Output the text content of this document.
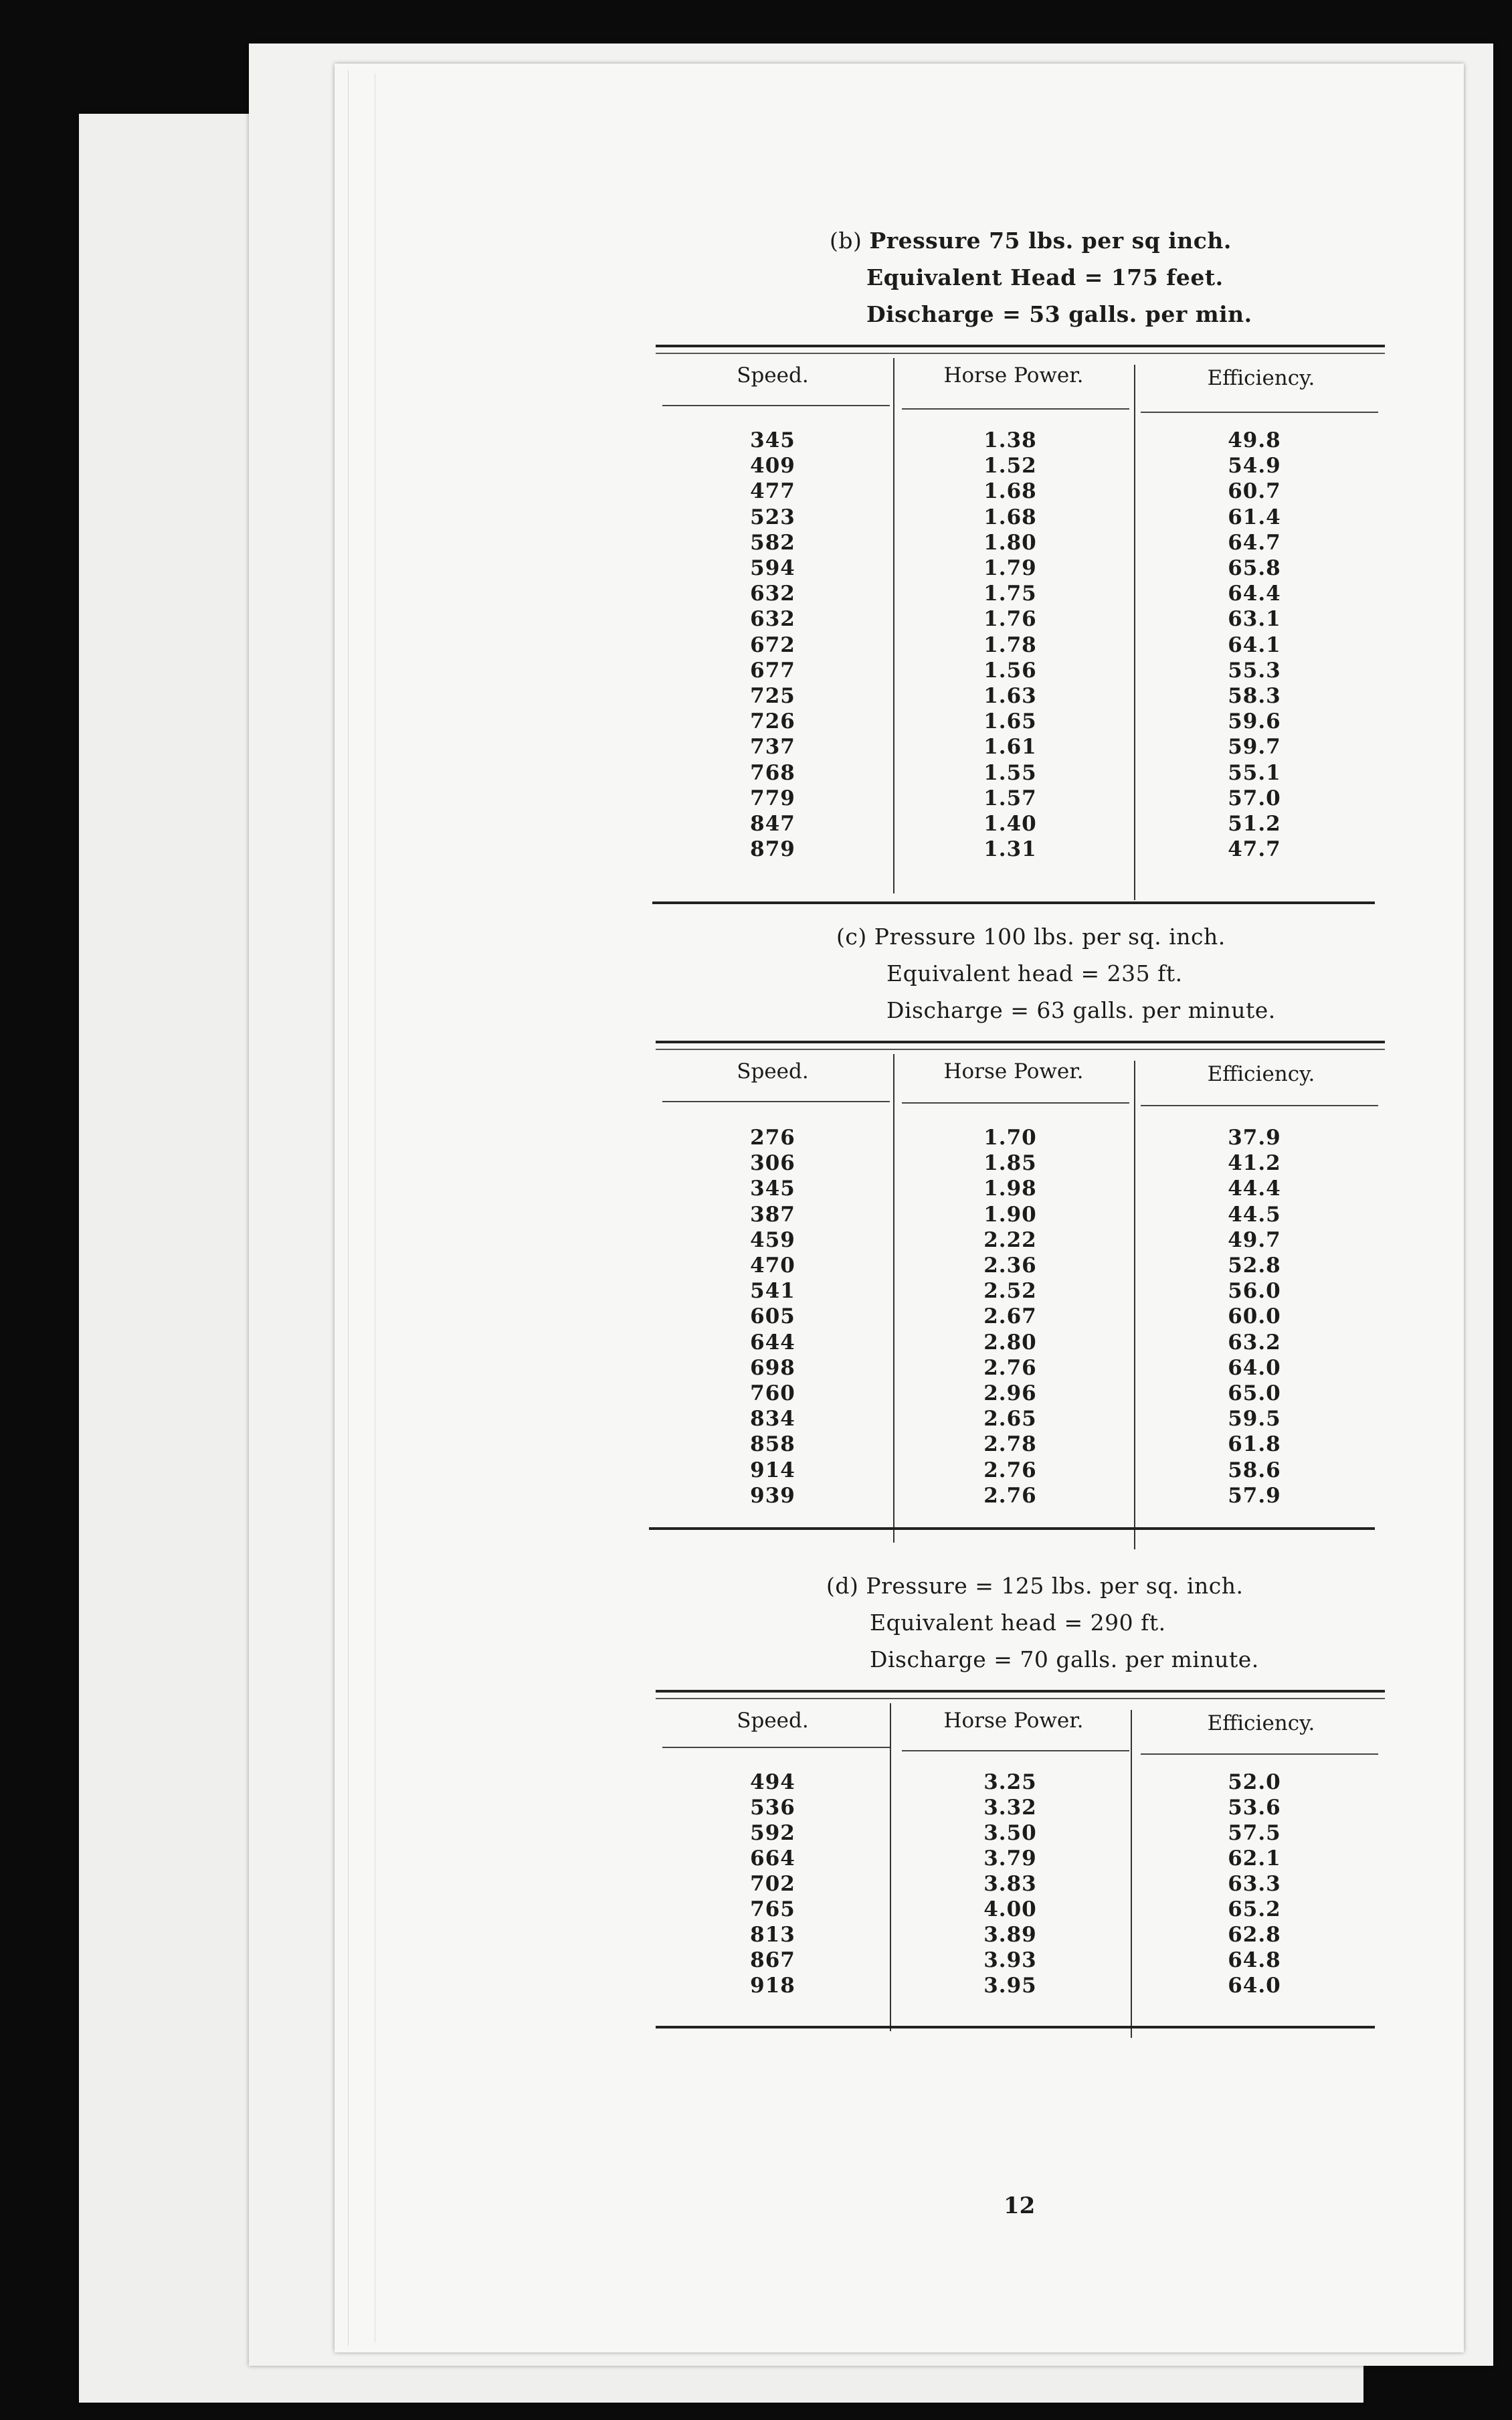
(b) Pressure 75 lbs. per sq inch.
Equivalent Head = 175 feet.
Discharge = 53 galls. per min.
Speed.	Horse Power.	Efficiency.
345	1.38	49.8
409	1.52	54.9
477	1.68	60.7
523	1.68	61.4
582	1.80	64.7
594	1.79	65.8
632	1.75	64.4
632	1.76	63.1
672	1.78	64.1
677	1.56	55.3
725	1.63	58.3
726	1.65	59.6
737	1.61	59.7
768	1.55	55.1
779	1.57	57.0
847	1.40	51.2
879	1.31	47.7
(c) Pressure 100 lbs. per sq. inch.
Equivalent head = 235 ft.
Discharge = 63 galls. per minute.
Speed.	Horse Power.	Efficiency.
276	1.70	37.9
306	1.85	41.2
345	1.98	44.4
387	1.90	44.5
459	2.22	49.7
470	2.36	52.8
541	2.52	56.0
605	2.67	60.0
644	2.80	63.2
698	2.76	64.0
760	2.96	65.0
834	2.65	59.5
858	2.78	61.8
914	2.76	58.6
939	2.76	57.9
(d) Pressure = 125 lbs. per sq. inch.
Equivalent head = 290 ft.
Discharge = 70 galls. per minute.
Speed.	Horse Power.	Efficiency.
494	3.25	52.0
536	3.32	53.6
592	3.50	57.5
664	3.79	62.1
702	3.83	63.3
765	4.00	65.2
813	3.89	62.8
867	3.93	64.8
918	3.95	64.0
12
